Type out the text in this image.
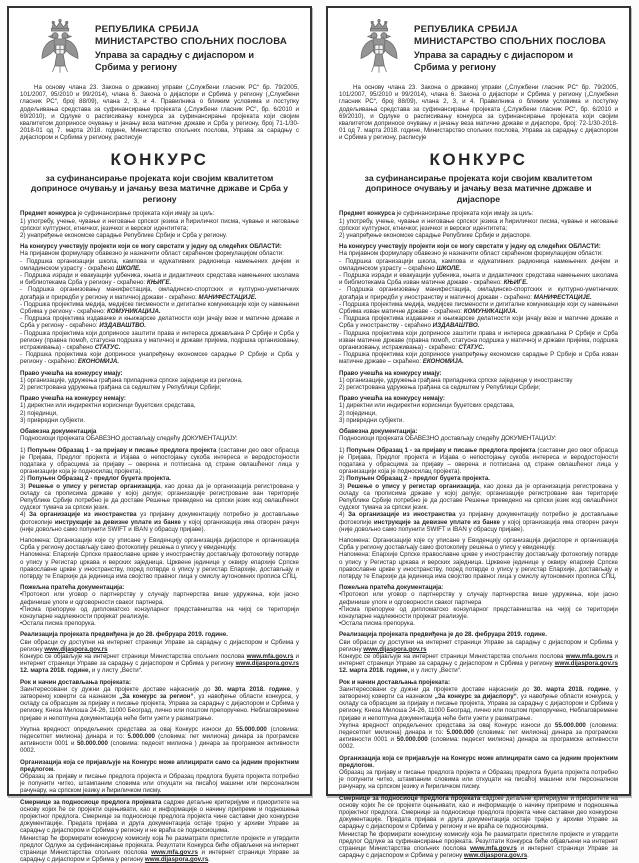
РЕПУБЛИКА СРБИЈА
МИНИСТАРСТВО СПОЉНИХ ПОСЛОВА
Управа за сарадњу с дијаспором и
Србима у региону

На основу члана 23. Закона о државној управи („Службени гласник РС“ бр. 79/2005, 101/2007, 95/2010 и 99/2014), члана 6. Закона о дијаспори и Србима у региону („Службени гласник РС“, број 88/09), члана 2, 3, и 4. Правилника о ближим условима и поступку додељивања средстава за суфинансирање пројеката („Службени гласник РС“, бр. 6/2010 и 69/2010), и Одлуке о расписивању конкурса за суфинансирање пројеката који својим квалитетом доприносе очувању и јачању веза матичне државе и Срба у региону, број 71-1/30-2018-01 од 7. марта 2018. године, Министарство спољних послова, Управа за сарадњу с дијаспором и Србима у региону, расписује

КОНКУРС
за суфинансирање пројеката који својим квалитетом доприносе очувању и јачању веза матичне државе и Срба у региону

Предмет конкурса је суфинансирање пројеката који имају за циљ:

1) употребу, учење, чување и неговање српског језика и ћириличког писма, чување и неговање српског културног, етничког, језичког и верског идентитета;

2) унапређење економске сарадње Републике Србије и Срба у региону.

На конкурсу учествују пројекти који се могу сврстати у једну од следећих ОБЛАСТИ:

На пријавном формулару обавезно је назначити област скраћеном формулацијом области:

- Подршка организацији школа, кампова и едукативних радионица намењених дечјем и омладинском узрасту - скраћено ШКОЛЕ.

- Подршка изради и евакуацији уџбеника, књига и дидактичких средстава намењених школама и библиотекама Срба у региону - скраћено: КЊИГЕ.

- Подршка организовању манифестација, омладинско-спортских и културно-уметничких догађаја и приредби у региону и матичној држави - скраћено: МАНИФЕСТАЦИЈЕ.

- Подршка пројектима медија, медијске писмености и дигиталне комуникације који су намењени Србима у региону - скраћено: КОМУНИКАЦИЈА.

- Подршка пројектима издавачке и књижарске делатности који јачају везе и матичне државе и Срба у региону - скраћено: ИЗДАВАШТВО.

- Подршка пројектима који доприносе заштити права и интереса држављана Р Србије и Срба у региону (правна помоћ, статусна подршка у матичној и држави пријема, подршка организовању, истраживања) - скраћено СТАТУС.

- Подршка пројектима који доприносе унапређењу економске сарадње Р Србије и Срба у региону - скраћено: ЕКОНОМИЈА.

Право учешћа на конкурсу имају:

1) организације, удружења грађана припадника српске заједнице из региона,

2) регистрована удружења грађана са седиштем у Републици Србији;

Право учешћа на конкурсу немају:

1) директни или индиректни корисници буџетских средстава,

2) појединци,

3) привредни субјекти.

Обавезна документација

Подносиоци пројеката ОБАВЕЗНО достављају следећу ДОКУМЕНТАЦИЈУ:

1) Попуњен Образац 1 - за пријаву и писање предлога пројекта (саставни део овог обрасца је Пријава, Предлог пројекта и Изјава о непостојању сукоба интереса и веродостојности података у обрасцима за пријаву – оверена и потписана од стране овлашћеног лица у организацији која је подносилац пројекта).

2) Попуњен Образац 2 - предлог буџета пројекта.

3) Решење о упису у регистар организација, као доказ да је организација регистрована у складу са прописима државе у којој делује; организације регистроване ван територије Републике Србије потребно је да доставе Решење преведено на српски језик код овлашћеног судског тумача за српски језик.

4) За организације из иностранства уз пријавну документацију потребно је достављање фотокопије инструкције за девизне уплате из банке у којој организација има отворен рачун (није довољно само попунити SWIFT и IBAN у обрасцу пријаве).

Напомена: Организације које су уписане у Евиденцију организација дијаспоре и организација Срба у региону достављају само фотокопију решења о упису у евиденцију.

Напомена: Епархије Српске православне цркве у иностранству достављају фотокопију потврде о упису у Регистар цркава и верских заједница. Црквене јединице у оквиру епархије Српске православне цркве у иностранству, поред потврде о упису у регистар Епархије, достављају и потврду те Епархије да јединица има својство правног лица у смислу аутономних прописа СПЦ.

Пожељна пратећа документација:

•Протокол или уговор о партнерству у случају партнерства више удружења, који јасно дефинише улоге и одговорности сваког партнера.

•Писма препоруке од дипломатско конзуларног представништва на чијој се територији конзуларне надлежности пројекат реализује.

•Остала писма препорука.

Реализација пројеката предвиђена је до 28. фебруара 2019. године.

Сви обрасци су доступни на интернет страници Управе за сарадњу с дијаспором и Србима у региону www.dijaspora.gov.rs

Конкурс се објављује на интернет страници Министарства спољних послова www.mfa.gov.rs и интернет страници Управе за сарадњу с дијаспором и Србима у региону www.dijaspora.gov.rs 12. марта 2018. године, и у листу „Вести“.

Рок и начин достављања пројеката:

Заинтересовани су дужни да пројекте доставе најкасније до 30. марта 2018. године, у затвореној коверти са назнаком „За конкурс за регион“, уз навођење области конкурса, у складу са обрасцем за пријаву и писање пројекта, Управа за сарадњу с дијаспором и Србима у региону, Кнеза Милоша 24-26, 11000 Београд, лично или поштом препоручено. Неблаговремене пријаве и непотпуна документација неће бити узети у разматрање.

Укупна вредност опредељених средстава за овај Конкурс износи до 55.000.000 (словима: педесетпет милиона) динара и то: 5.000.000 (словима: пет милиона) динара за програмске активности 0001 и 50.000.000 (словима: педесет милиона ) динара за програмске активности 0002.

Организација која се пријављује на Конкурс може аплицирати само са једним пројектним предлогом.

Образац за пријаву и писање предлога пројекта и Образац предлога буџета пројекта потребно је попунити читко, штампаним словима или откуцати на писаћој машини или персоналном рачунару, на српском језику и ћириличком писму.

Смернице за подносиоце предлога пројеката садрже детаљне критеријуме и приоритете на основу којих ће се пројекти оцењивати, као и информације о начину припреме и подношења пројектног предлога. Смернице за подносиоце предлога пројекта чине саставни део конкурсне документације. Предата пријава и друга документација остаје трајно у архиви Управе за сарадњу с дијаспором и Србима у региону и не враћа се подносиоцима.

Министар ће формирати конкурсну комисију која ће разматрати пристигле пројекте и утврдити предлог Одлуке за суфинансирање пројеката. Резултати Конкурса биће објављени на интернет страници Министарства спољних послова www.mfa.gov.rs и интернет страници Управе за сарадњу с дијаспором и Србима у региону www.dijaspora.gov.rs.

РЕПУБЛИКА СРБИЈА
МИНИСТАРСТВО СПОЉНИХ ПОСЛОВА
Управа за сарадњу с дијаспором и
Србима у региону

На основу члана 23. Закона о државној управи („Службени гласник РС“ бр. 79/2005, 101/2007, 95/2010 и 99/2014), члана 6. Закона о дијаспори и Србима у региону („Службени гласник РС“, број 88/09), члана 2, 3, и 4. Правилника о ближим условима и поступку додељивања средстава за суфинансирање пројеката („Службени гласник РС“, бр. 6/2010 и 69/2010), и Одлуке о расписивању конкурса за суфинансирање пројеката који својим квалитетом доприносе очувању и јачању веза матичне државе и дијаспоре, број: 72-1/30-2018-01 од 7. марта 2018. године, Министарство спољних послова, Управа за сарадњу с дијаспором и Србима у региону, расписује

КОНКУРС
за суфинансирање пројеката који својим квалитетом доприносе очувању и јачању веза матичне државе и дијаспоре

Предмет конкурса је суфинансирање пројеката који имају за циљ:

1) употребу, учење, чување и неговање српског језика и ћириличког писма, чување и неговање српског културног, етничког, језичког и верског идентитета;

2) унапређење економске сарадње Републике Србије и дијаспоре.

На конкурсу учествују пројекти који се могу сврстати у једну од следећих ОБЛАСТИ:

На пријавном формулару обавезно је назначити област скраћеном формулацијом области:

- Подршка организацији школа, кампова и едукативних радионица намењених дечјем и омладинском узрасту – скраћено ШКОЛЕ.

- Подршка изради и евакуацији уџбеника, књига и дидактичких средстава намењених школама и библиотекама Срба изван матичне државе - скраћено: КЊИГЕ.

- Подршка организовању манифестација, омладинско-спортских и културно-уметничких догађаја и приредби у иностранству и матичној држави - скраћено: МАНИФЕСТАЦИЈЕ.

- Подршка пројектима медија, медијске писмености и дигиталне комуникације који су намењени Србима изван матичне државе - скраћено: КОМУНИКАЦИЈА.

- Подршка пројектима издавачке и књижарске делатности који јачају везе и матичне државе и Срба у иностранству - скраћено ИЗДАВАШТВО.

- Подршка пројектима који доприносе заштити права и интереса држављана Р Србије и Срба изван матичне државе (правна помоћ, статусна подршка у матичној и држави пријема, подршка организовању, истраживања) - скраћено: СТАТУС.

- Подршка пројектима који доприносе унапређењу економске сарадње Р Србије и Срба изван матичне државе – скраћено: ЕКОНОМИЈА.

Право учешћа на конкурсу имају:

1) организације, удружења грађана припадника српске заједнице у иностранству

2) регистрована удружења грађана са седиштем у Републици Србији;

Право учешћа на конкурсу немају:

1) директни или индиректни корисници буџетских средстава,

2) појединци,

3) привредни субјекти.

Обавезна документација:

Подносиоци пројеката ОБАВЕЗНО достављају следећу ДОКУМЕНТАЦИЈУ:

1) Попуњен Образац 1 - за пријаву и писање предлога пројекта (саставни део овог обрасца је Пријава, Предлог пројекта и Изјава о непостојању сукоба интереса и веродостојности података у обрасцима за пријаву – оверена и потписана од стране овлашћеног лица у организацији која је подносилац пројекта).

2) Попуњен Образац 2 - предлог буџета пројекта.

3) Решење о упису у регистар организација, као доказ да је организација регистрована у складу са прописима државе у којој делује; организације регистроване ван територије Републике Србије потребно је да доставе Решење преведено на српски језик код овлашћеног судског тумача за српски језик.

4) За организације из иностранства уз пријавну документацију потребно је достављање фотокопије инструкције за девизне уплате из банке у којој организација има отворен рачун (није довољно само попунити SWIFT и IBAN у обрасцу пријаве).

Напомена: Организације које су уписане у Евиденцију организација дијаспоре и организација Срба у региону достављају само фотокопију решења о упису у евиденцију.

Напомена: Епархије Српске православне цркве у иностранству достављају фотокопију потврде о упису у Регистар цркава и верских заједница. Црквене јединице у оквиру епархије Српске православне цркве у иностранству, поред потврде о упису у регистар Епархије, достављају и потврду те Епархије да јединица има својство правног лица у смислу аутономних прописа СПЦ.

Пожељна пратећа документација:

•Протокол или уговор о партнерству у случају партнерства више удружења, који јасно дефинише улоге и одговорности сваког партнера

•Писма препоруке од дипломатско конзуларног представништва на чијој се територији конзуларне надлежности пројекат реализује.

•Остала писма препорука.

Реализација пројеката предвиђена је до 28. фебруара 2019. године.

Сви обрасци су доступни на интернет страници Управе за сарадњу с дијаспором и Србима у региону www.dijaspora.gov.rs

Конкурс се објављује на интернет страници Министарства спољних послова www.mfa.gov.rs и интернет страници Управе за сарадњу с дијаспором и Србима у региону www.dijaspora.gov.rs 12. марта 2018. године, и у листу „Вести“.

Рок и начин достављања пројеката:

Заинтересовани су дужни да пројекте доставе најкасније до 30. марта 2018. године, у затвореној коверти са назнаком „За конкурс за дијаспору“, уз навођење области конкурса, у складу са обрасцем за пријаву и писање пројекта, Управа за сарадњу с дијаспором и Србима у региону, Кнеза Милоша 24-26, 11000 Београд, лично или поштом препоручено, Неблаговремене пријаве и непотпуна документација неће бити узети у разматрање.

Укупна вредност опредељених средстава за овај Конкурс износи до 55.000.000 (словима: педесетпет милиона) динара и то: 5.000.000 (словима: пет милиона) динара за програмске активности 0001 и 50.000.000 (словима: педесет милиона) динара за програмске активности 0002.

Организација која се пријављује на Конкурс може аплицирати само са једним пројектним предлогом.

Образац за пријаву и писање предлога пројекта и Образац предлога буџета пројекта потребно је попунити читко, штампаним словима или откуцати на писаћој машини или персоналном рачунару, на српском језику и ћириличком писму.

Смернице за подносиоце предлога пројеката садрже детаљне критеријуме и приоритете на основу којих ће се пројекти оцењивати, као и информације о начину припреме и подношења пројектног предлога. Смернице за подносиоце предлога пројекта чине саставни део конкурсне документације. Предата пријава и друга документација остаје трајно у архиви Управе за сарадњу с дијаспором и Србима у региону и не враћа се подносиоцима.

Министар ће формирати конкурсну комисију која ће разматрати пристигле пројекте и утврдити предлог Одлуке за суфинансирање пројеката. Резултати Конкурса биће објављени на интернет страници Министарства спољних послова www.mfa.gov.rs и интернет страници Управе за сарадњу с дијаспором и Србима у региону www.dijaspora.gov.rs.
